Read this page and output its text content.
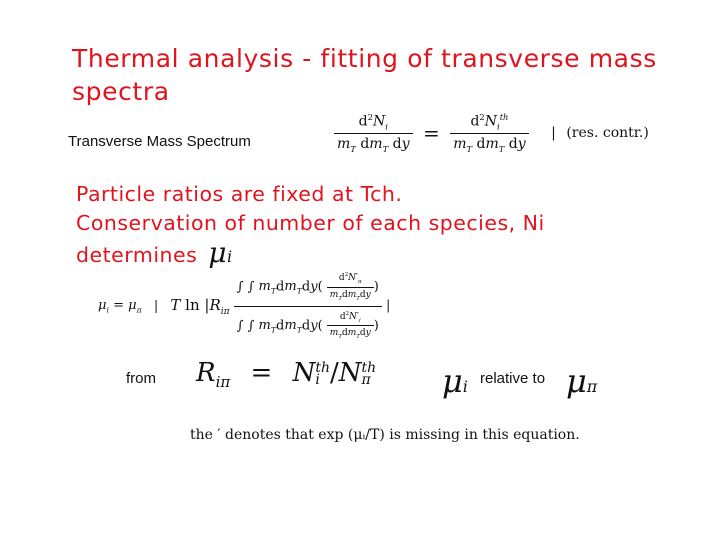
Thermal analysis - fitting of transverse mass spectra
Transverse Mass Spectrum	$\frac{d^2N_i}{m_T dm_T dy} = \frac{d^2N_i^{th}}{m_T dm_T dy}$ | (res. contr.)
Particle ratios are fixed at Tch.
Conservation of number of each species, Ni
determines μi
$\mu_i = \mu_\pi$ | T $\ln |R_{i\pi} \frac{\int \int m_Tdm_Tdy( \frac{d^2N'_\pi}{m_Tdm_Tdy} )}{\int \int m_Tdm_Tdy( \frac{d^2N'_i}{m_Tdm_Tdy} )}$ |
from $R_{i\pi}$ = Nth
i /Nth
π μi relative to μπ
the ′ denotes that exp (μᵢ/T) is missing in this equation.
